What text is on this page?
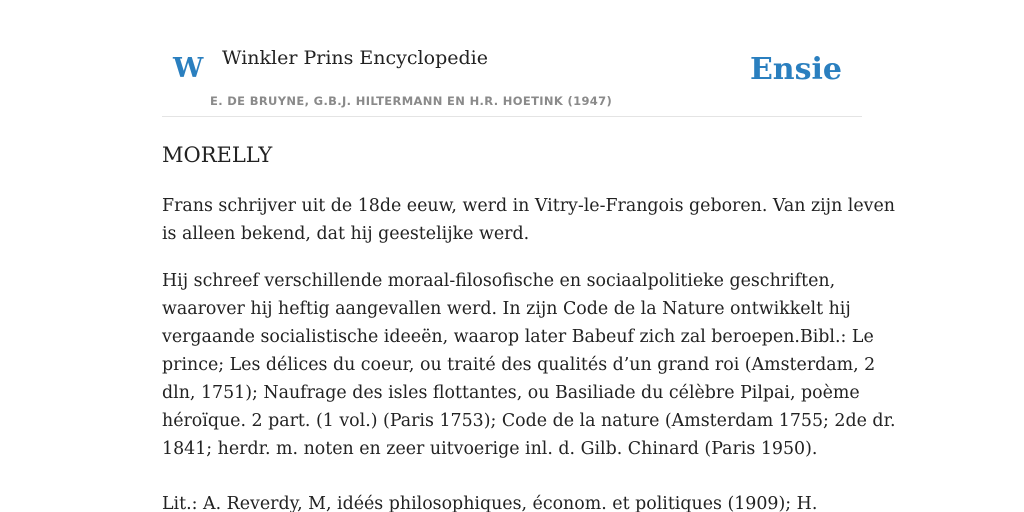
W Winkler Prins Encyclopedie
E. DE BRUYNE, G.B.J. HILTERMANN EN H.R. HOETINK (1947)
Ensie
MORELLY
Frans schrijver uit de 18de eeuw, werd in Vitry-le-Frangois geboren. Van zijn leven
is alleen bekend, dat hij geestelijke werd.
Hij schreef verschillende moraal-filosofische en sociaalpolitieke geschriften,
waarover hij heftig aangevallen werd. In zijn Code de la Nature ontwikkelt hij
vergaande socialistische ideeën, waarop later Babeuf zich zal beroepen.Bibl.: Le
prince; Les délices du coeur, ou traité des qualités d’un grand roi (Amsterdam, 2
dln, 1751); Naufrage des isles flottantes, ou Basiliade du célèbre Pilpai, poème
héroïque. 2 part. (1 vol.) (Paris 1753); Code de la nature (Amsterdam 1755; 2de dr.
1841; herdr. m. noten en zeer uitvoerige inl. d. Gilb. Chinard (Paris 1950).
Lit.: A. Reverdy, M, idéés philosophiques, économ. et politiques (1909); H.
